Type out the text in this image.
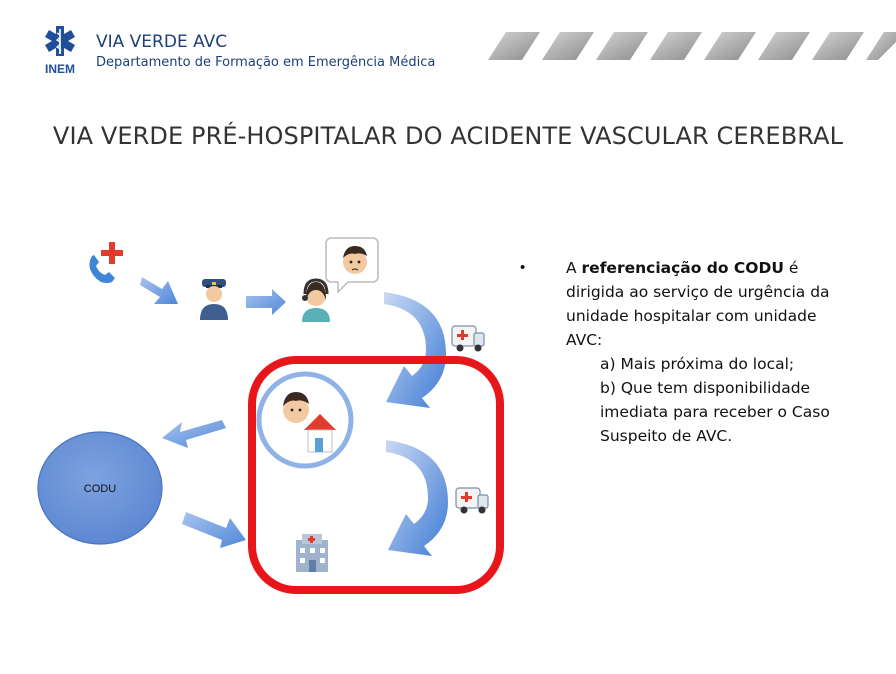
INEM
VIA VERDE AVC
Departamento de Formação em Emergência Médica
VIA VERDE PRÉ-HOSPITALAR DO ACIDENTE VASCULAR CEREBRAL
CODU
•	A referenciação do CODU é dirigida ao serviço de urgência da unidade hospitalar com unidade AVC:
a) Mais próxima do local;
b) Que tem disponibilidade imediata para receber o Caso Suspeito de AVC.
